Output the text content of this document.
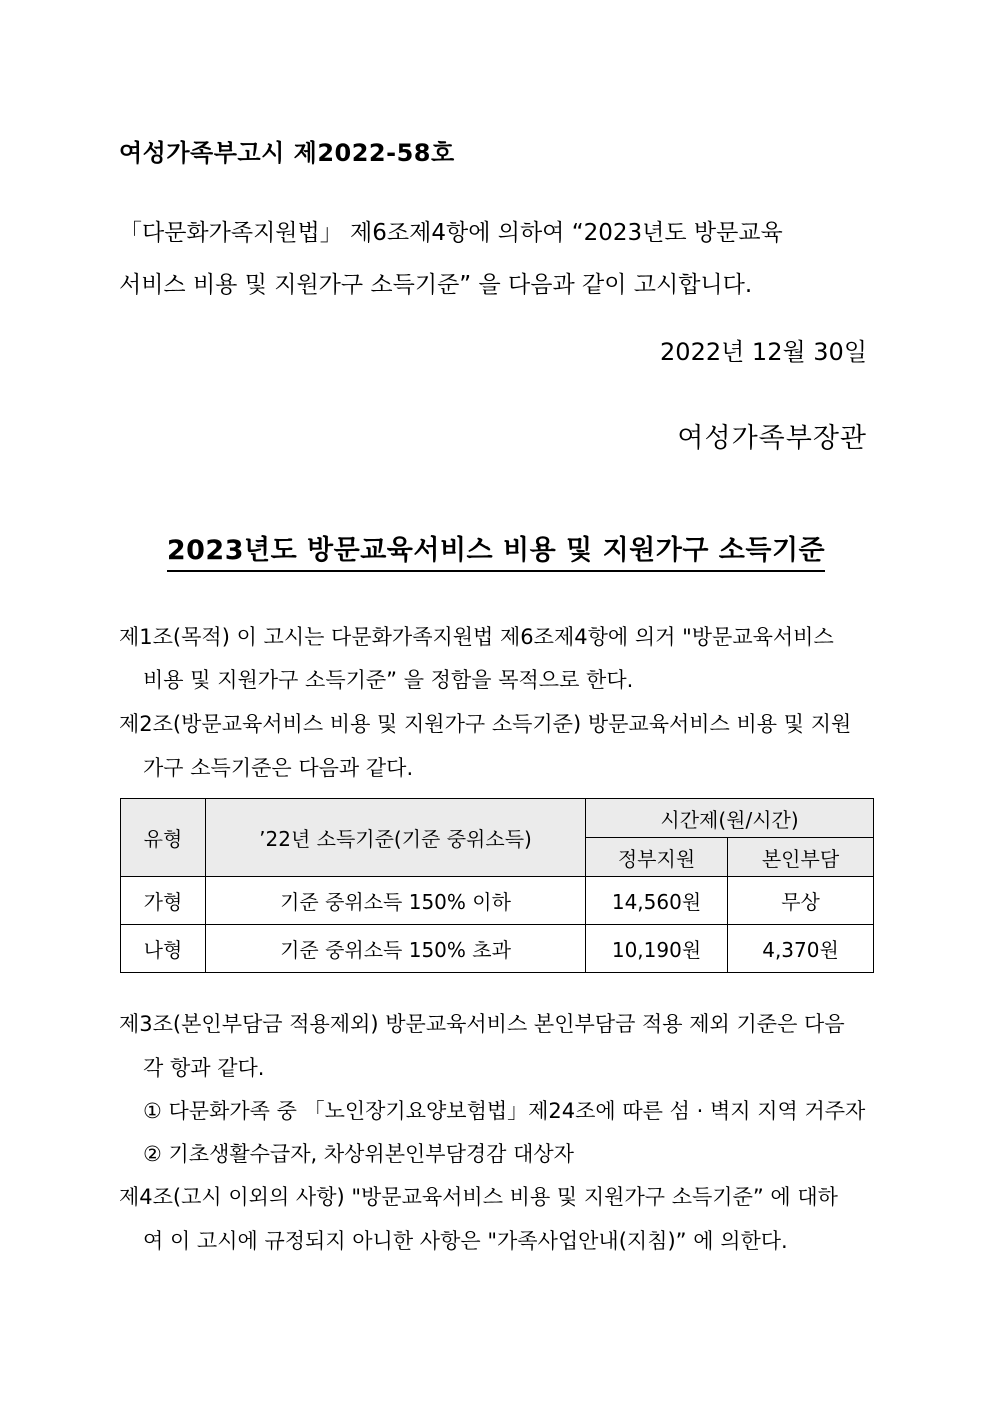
여성가족부고시 제2022-58호
「다문화가족지원법」 제6조제4항에 의하여 “2023년도 방문교육
서비스 비용 및 지원가구 소득기준” 을 다음과 같이 고시합니다.
2022년 12월 30일
여성가족부장관
2023년도 방문교육서비스 비용 및 지원가구 소득기준
제1조(목적) 이 고시는 다문화가족지원법 제6조제4항에 의거 "방문교육서비스
비용 및 지원가구 소득기준” 을 정함을 목적으로 한다.
제2조(방문교육서비스 비용 및 지원가구 소득기준) 방문교육서비스 비용 및 지원
가구 소득기준은 다음과 같다.
유형	’22년 소득기준(기준 중위소득)	시간제(원/시간)	
		정부지원	본인부담
가형	기준 중위소득 150% 이하	14,560원	무상
나형	기준 중위소득 150% 초과	10,190원	4,370원
제3조(본인부담금 적용제외) 방문교육서비스 본인부담금 적용 제외 기준은 다음
각 항과 같다.
① 다문화가족 중 「노인장기요양보험법」제24조에 따른 섬 · 벽지 지역 거주자
② 기초생활수급자, 차상위본인부담경감 대상자
제4조(고시 이외의 사항) "방문교육서비스 비용 및 지원가구 소득기준” 에 대하
여 이 고시에 규정되지 아니한 사항은 "가족사업안내(지침)” 에 의한다.
